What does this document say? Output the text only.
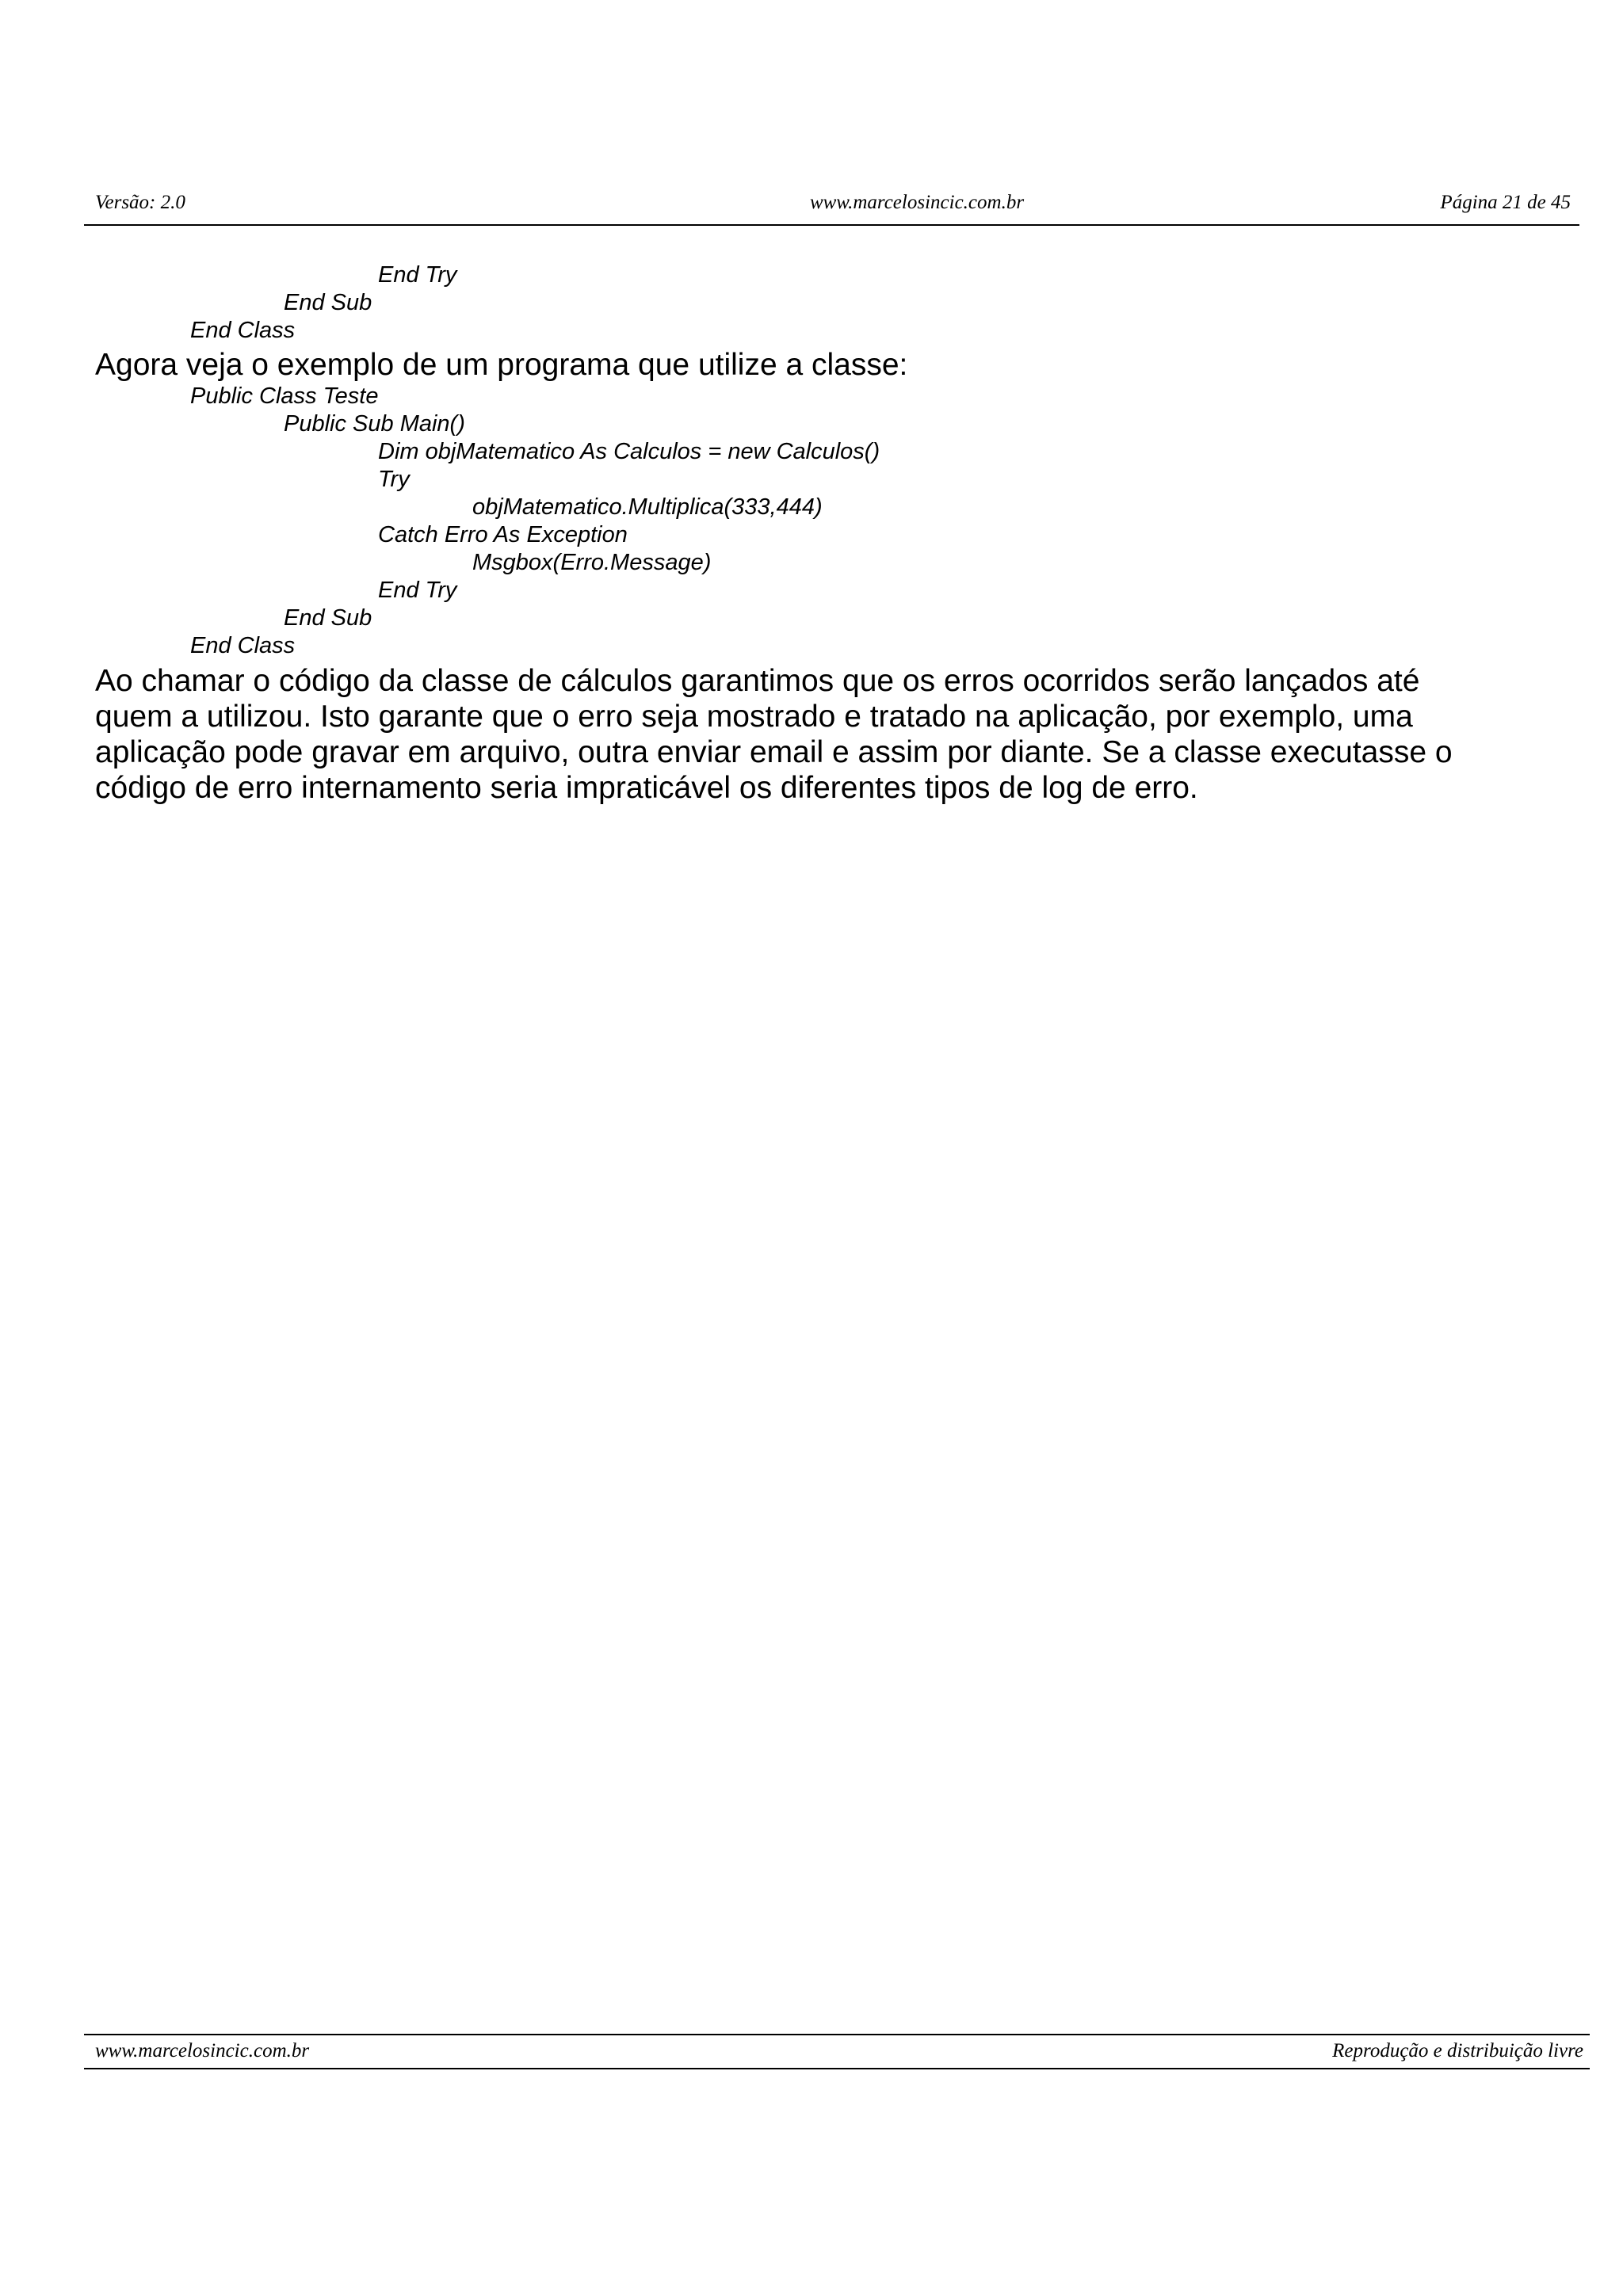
Versão: 2.0	www.marcelosincic.com.br	Página 21 de 45
End Try
End Sub
End Class

Agora veja o exemplo de um programa que utilize a classe:

Public Class Teste
Public Sub Main()
Dim objMatematico As Calculos = new Calculos()
Try
objMatematico.Multiplica(333,444)
Catch Erro As Exception
Msgbox(Erro.Message)
End Try
End Sub
End Class

Ao chamar o código da classe de cálculos garantimos que os erros ocorridos serão lançados até quem a utilizou. Isto garante que o erro seja mostrado e tratado na aplicação, por exemplo, uma aplicação pode gravar em arquivo, outra enviar email e assim por diante. Se a classe executasse o código de erro internamento seria impraticável os diferentes tipos de log de erro.

www.marcelosincic.com.br	Reprodução e distribuição livre
